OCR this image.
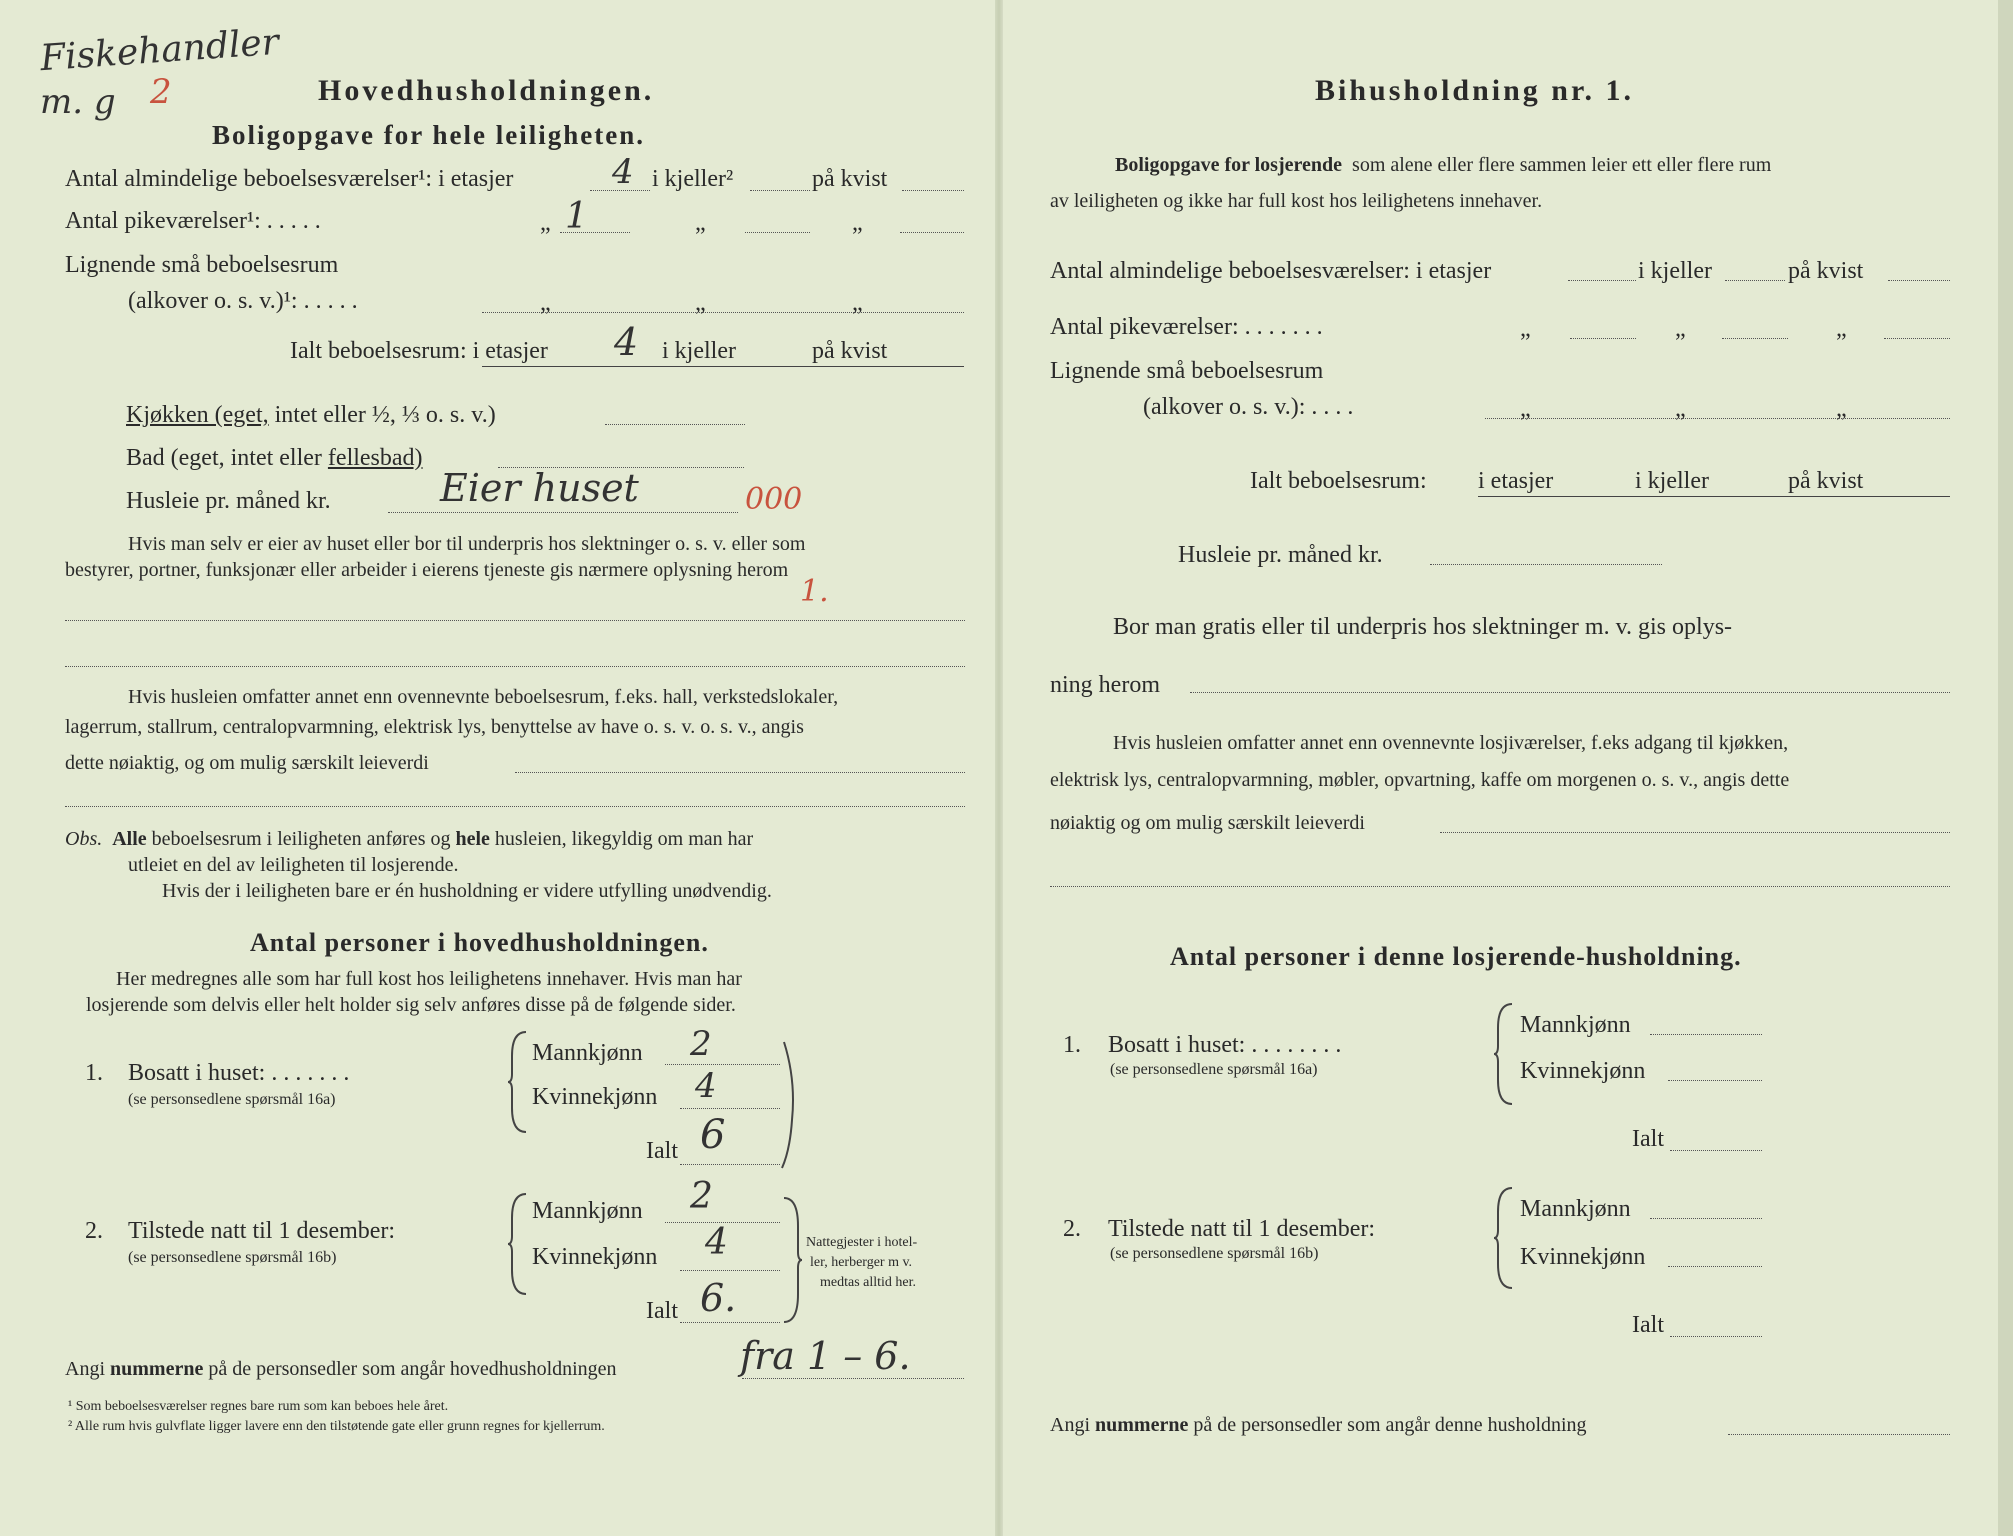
Fiskehandler
m. g 2	Hovedhusholdningen.
Boligopgave for hele leiligheten.
Antal almindelige beboelsesværelser¹: i etasjer	4 i kjeller²	på kvist
Antal pikeværelser¹: . . . . .	„ 1	„	„
Lignende små beboelsesrum
(alkover o. s. v.)¹: . . . . .	„	„	„
Ialt beboelsesrum: i etasjer 4 i kjeller	på kvist
Kjøkken (eget, intet eller ½, ⅓ o. s. v.)
Bad (eget, intet eller fellesbad)
Husleie pr. måned kr.	Eier huset	000
Hvis man selv er eier av huset eller bor til underpris hos slektninger o. s. v. eller som
bestyrer, portner, funksjonær eller arbeider i eierens tjeneste gis nærmere oplysning herom
1.
Hvis husleien omfatter annet enn ovennevnte beboelsesrum, f.eks. hall, verkstedslokaler,
lagerrum, stallrum, centralopvarmning, elektrisk lys, benyttelse av have o. s. v. o. s. v., angis
dette nøiaktig, og om mulig særskilt leieverdi
Obs. Alle beboelsesrum i leiligheten anføres og hele husleien, likegyldig om man har
utleiet en del av leiligheten til losjerende.
Hvis der i leiligheten bare er én husholdning er videre utfylling unødvendig.
Antal personer i hovedhusholdningen.
Her medregnes alle som har full kost hos leilighetens innehaver. Hvis man har
losjerende som delvis eller helt holder sig selv anføres disse på de følgende sider.
1. Bosatt i huset: . . . . . . .
(se personsedlene spørsmål 16a)
Mannkjønn 2
Kvinnekjønn 4
Ialt 6
2. Tilstede natt til 1 desember:
(se personsedlene spørsmål 16b)
Mannkjønn 2
Kvinnekjønn 4
Ialt 6.
Nattegjester i hotel-
ler, herberger m v.
medtas alltid her.
Angi nummerne på de personsedler som angår hovedhusholdningen	fra 1 – 6.
¹ Som beboelsesværelser regnes bare rum som kan beboes hele året.
² Alle rum hvis gulvflate ligger lavere enn den tilstøtende gate eller grunn regnes for kjellerrum.
Bihusholdning nr. 1.
Boligopgave for losjerende som alene eller flere sammen leier ett eller flere rum
av leiligheten og ikke har full kost hos leilighetens innehaver.
Antal almindelige beboelsesværelser: i etasjer	i kjeller	på kvist
Antal pikeværelser: . . . . . . .	„	„	„
Lignende små beboelsesrum
(alkover o. s. v.): . . . .	„	„	„
Ialt beboelsesrum: i etasjer	i kjeller	på kvist
Husleie pr. måned kr.
Bor man gratis eller til underpris hos slektninger m. v. gis oplys-
ning herom
Hvis husleien omfatter annet enn ovennevnte losjiværelser, f.eks adgang til kjøkken,
elektrisk lys, centralopvarmning, møbler, opvartning, kaffe om morgenen o. s. v., angis dette
nøiaktig og om mulig særskilt leieverdi
Antal personer i denne losjerende-husholdning.
1. Bosatt i huset: . . . . . . . .
(se personsedlene spørsmål 16a)
Mannkjønn
Kvinnekjønn
Ialt
2. Tilstede natt til 1 desember:
(se personsedlene spørsmål 16b)
Mannkjønn
Kvinnekjønn
Ialt
Angi nummerne på de personsedler som angår denne husholdning
